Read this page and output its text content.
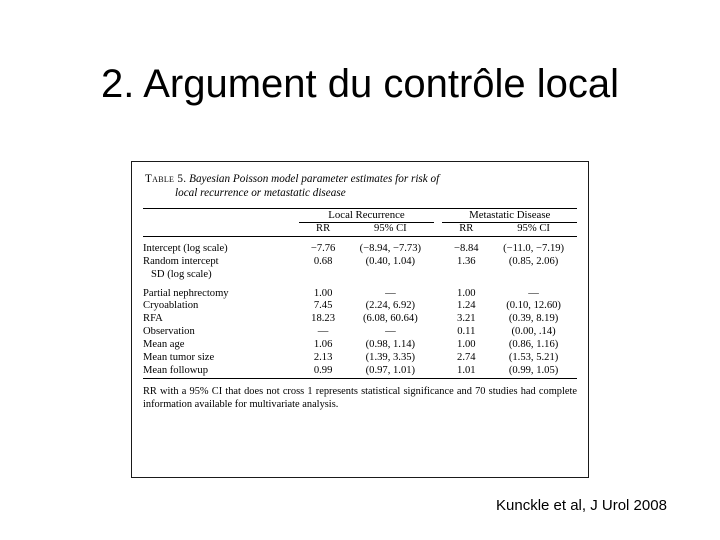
2. Argument du contrôle local
Table 5. Bayesian Poisson model parameter estimates for risk of
local recurrence or metastatic disease
	Local Recurrence			Metastatic Disease	
	RR	95% CI		RR	95% CI

Intercept (log scale)	−7.76	(−8.94, −7.73)		−8.84	(−11.0, −7.19)
Random intercept	0.68	(0.40, 1.04)		1.36	(0.85, 2.06)
SD (log scale)					

Partial nephrectomy	1.00	—		1.00	—
Cryoablation	7.45	(2.24, 6.92)		1.24	(0.10, 12.60)
RFA	18.23	(6.08, 60.64)		3.21	(0.39, 8.19)
Observation	—	—		0.11	(0.00, .14)
Mean age	1.06	(0.98, 1.14)		1.00	(0.86, 1.16)
Mean tumor size	2.13	(1.39, 3.35)		2.74	(1.53, 5.21)
Mean followup	0.99	(0.97, 1.01)		1.01	(0.99, 1.05)
RR with a 95% CI that does not cross 1 represents statistical significance and 70 studies had complete information available for multivariate analysis.
Kunckle et al, J Urol 2008
